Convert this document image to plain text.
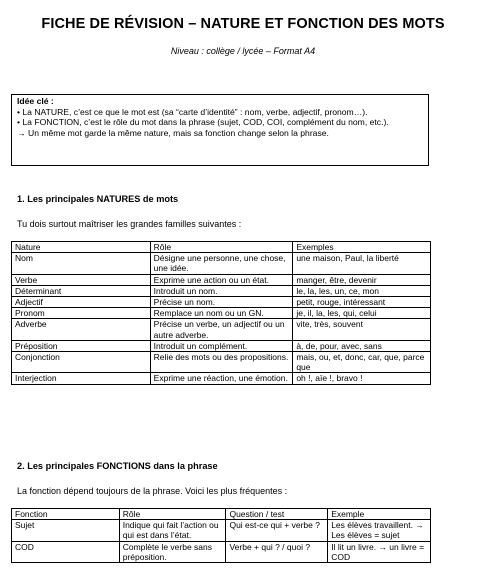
FICHE DE RÉVISION – NATURE ET FONCTION DES MOTS
Niveau : collège / lycée – Format A4
Idée clé :
• La NATURE, c’est ce que le mot est (sa “carte d’identité” : nom, verbe, adjectif, pronom…).
• La FONCTION, c’est le rôle du mot dans la phrase (sujet, COD, COI, complément du nom, etc.).
→ Un même mot garde la même nature, mais sa fonction change selon la phrase.
1. Les principales NATURES de mots
Tu dois surtout maîtriser les grandes familles suivantes :
Nature	Rôle	Exemples
Nom	Désigne une personne, une chose, une idée.	une maison, Paul, la liberté
Verbe	Exprime une action ou un état.	manger, être, devenir
Déterminant	Introduit un nom.	le, la, les, un, ce, mon
Adjectif	Précise un nom.	petit, rouge, intéressant
Pronom	Remplace un nom ou un GN.	je, il, la, les, qui, celui
Adverbe	Précise un verbe, un adjectif ou un autre adverbe.	vite, très, souvent
Préposition	Introduit un complément.	à, de, pour, avec, sans
Conjonction	Relie des mots ou des propositions.	mais, ou, et, donc, car, que, parce que
Interjection	Exprime une réaction, une émotion.	oh !, aïe !, bravo !
2. Les principales FONCTIONS dans la phrase
La fonction dépend toujours de la phrase. Voici les plus fréquentes :
Fonction	Rôle	Question / test	Exemple
Sujet	Indique qui fait l’action ou qui est dans l’état.	Qui est-ce qui + verbe ?	Les élèves travaillent. → Les élèves = sujet
COD	Complète le verbe sans préposition.	Verbe + qui ? / quoi ?	Il lit un livre. → un livre = COD
